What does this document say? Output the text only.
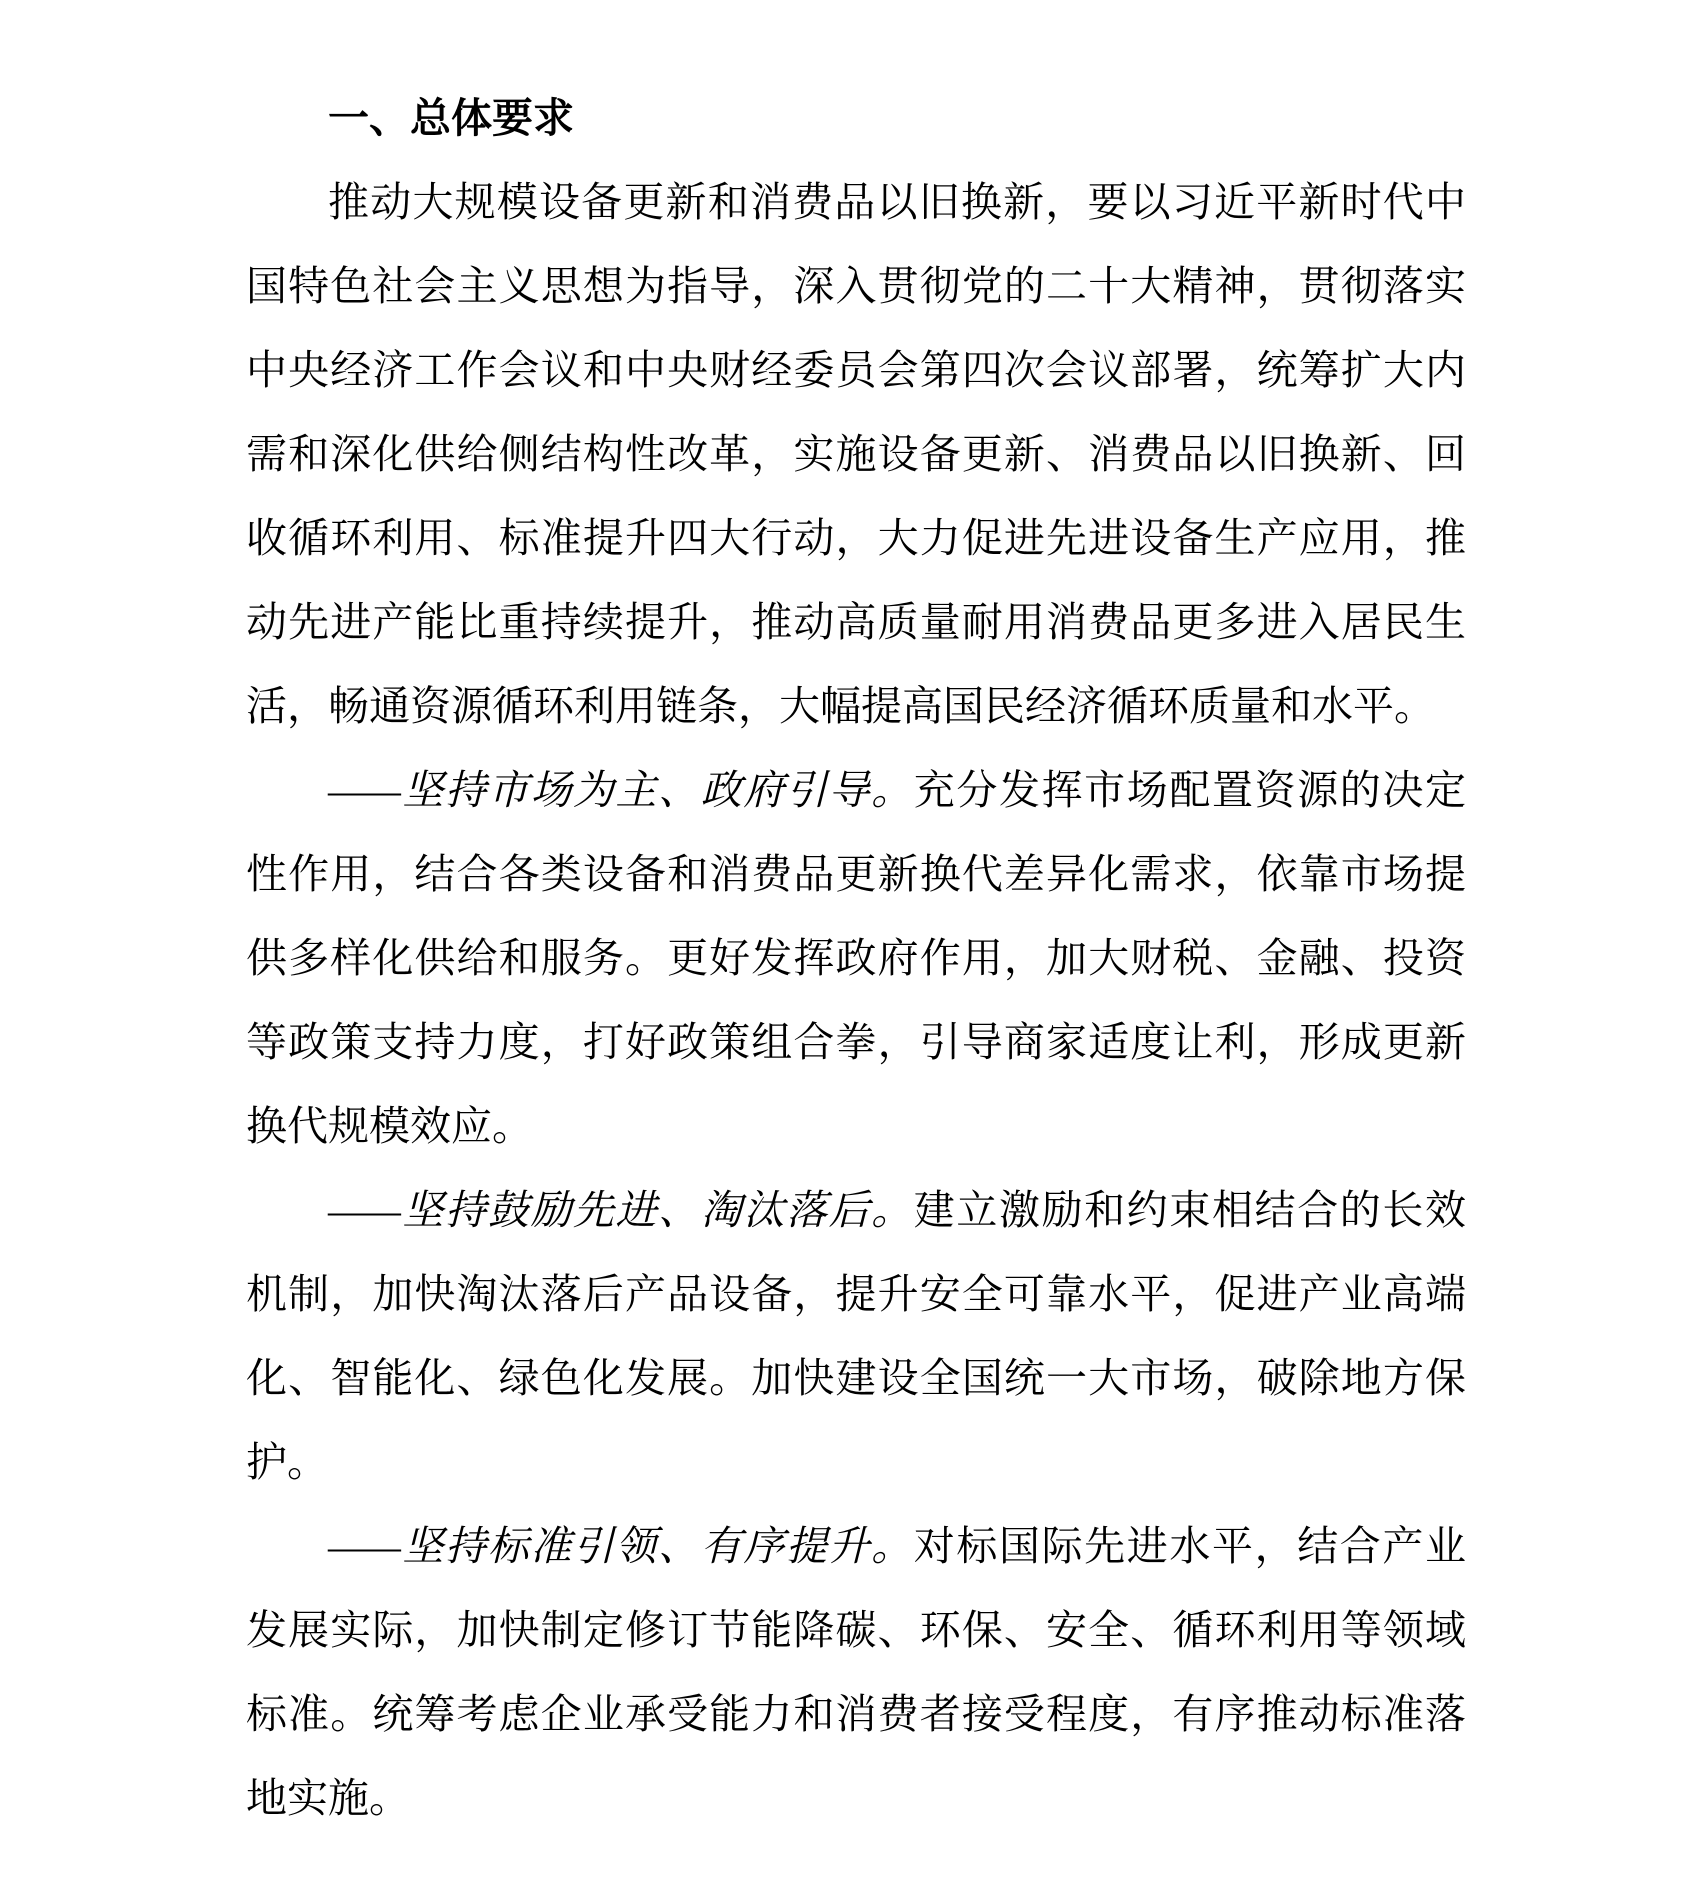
一、总体要求

推动大规模设备更新和消费品以旧换新，要以习近平新时代中国特色社会主义思想为指导，深入贯彻党的二十大精神，贯彻落实中央经济工作会议和中央财经委员会第四次会议部署，统筹扩大内需和深化供给侧结构性改革，实施设备更新、消费品以旧换新、回收循环利用、标准提升四大行动，大力促进先进设备生产应用，推动先进产能比重持续提升，推动高质量耐用消费品更多进入居民生活，畅通资源循环利用链条，大幅提高国民经济循环质量和水平。

——坚持市场为主、政府引导。充分发挥市场配置资源的决定性作用，结合各类设备和消费品更新换代差异化需求，依靠市场提供多样化供给和服务。更好发挥政府作用，加大财税、金融、投资等政策支持力度，打好政策组合拳，引导商家适度让利，形成更新换代规模效应。

——坚持鼓励先进、淘汰落后。建立激励和约束相结合的长效机制，加快淘汰落后产品设备，提升安全可靠水平，促进产业高端化、智能化、绿色化发展。加快建设全国统一大市场，破除地方保护。

——坚持标准引领、有序提升。对标国际先进水平，结合产业发展实际，加快制定修订节能降碳、环保、安全、循环利用等领域标准。统筹考虑企业承受能力和消费者接受程度，有序推动标准落地实施。
